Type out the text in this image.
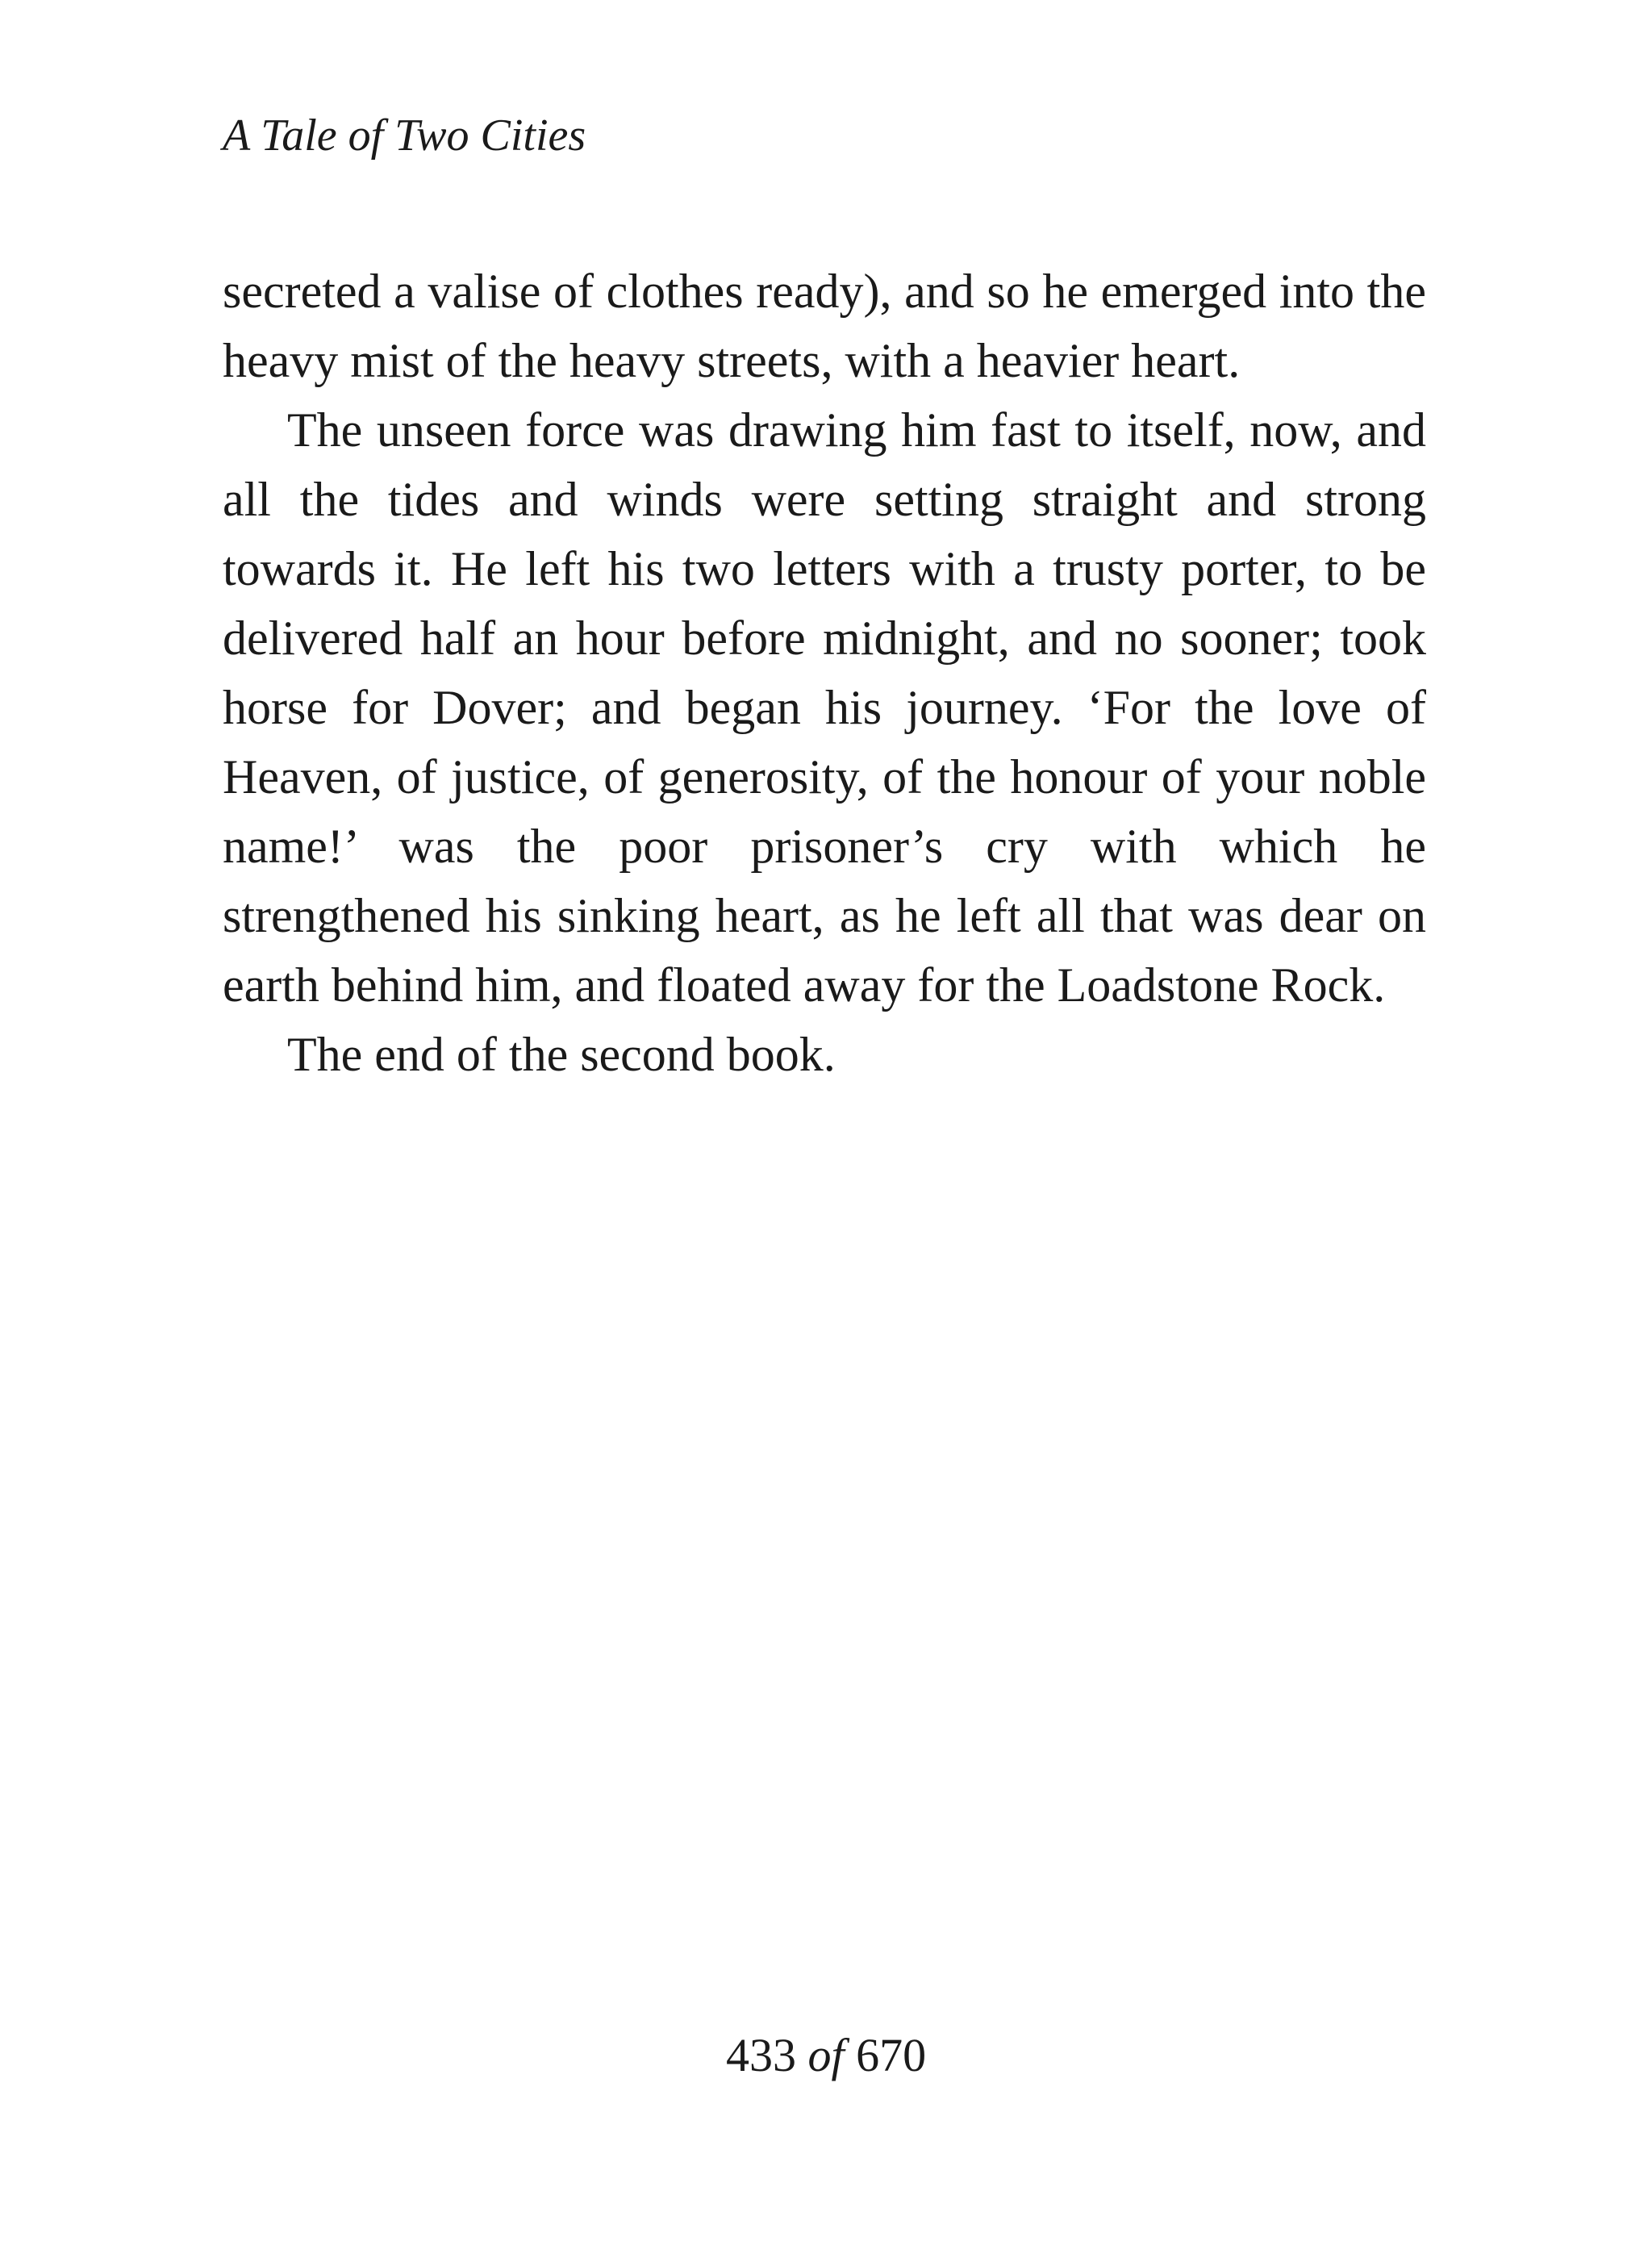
A Tale of Two Cities

secreted a valise of clothes ready), and so he emerged into the heavy mist of the heavy streets, with a heavier heart.

The unseen force was drawing him fast to itself, now, and all the tides and winds were setting straight and strong towards it. He left his two letters with a trusty porter, to be delivered half an hour before midnight, and no sooner; took horse for Dover; and began his journey. ‘For the love of Heaven, of justice, of generosity, of the honour of your noble name!’ was the poor prisoner’s cry with which he strengthened his sinking heart, as he left all that was dear on earth behind him, and floated away for the Loadstone Rock.

The end of the second book.

433 of 670
